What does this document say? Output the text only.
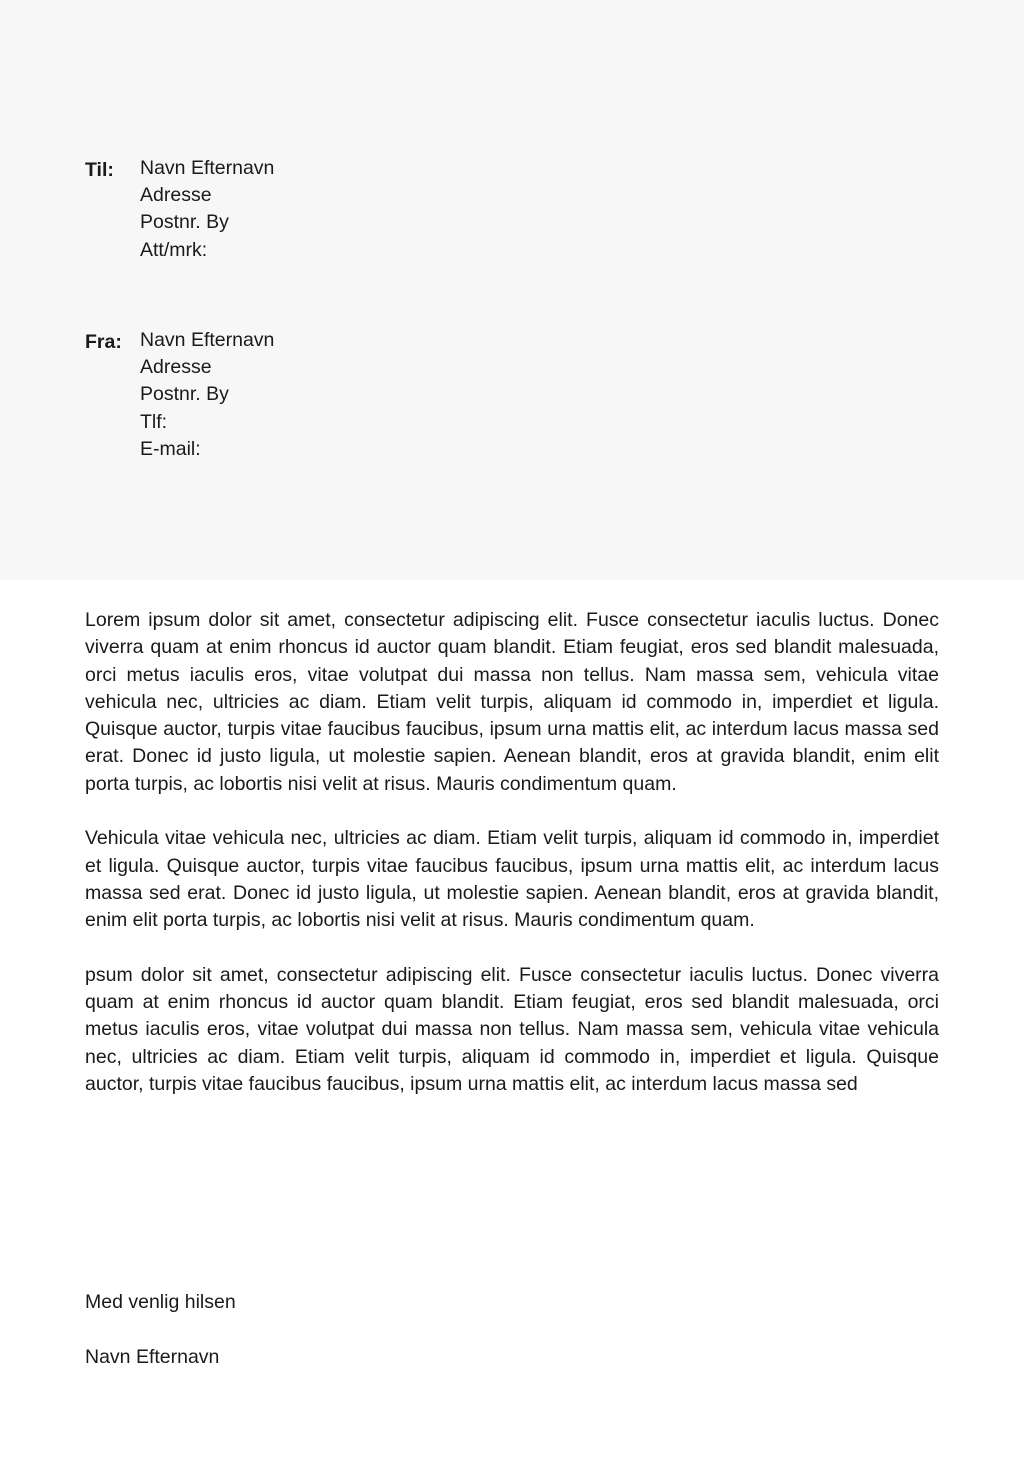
Til:	Navn Efternavn
Adresse
Postnr. By
Att/mrk:
Fra: Navn Efternavn
Adresse
Postnr. By
Tlf:
E-mail:

Lorem ipsum dolor sit amet, consectetur adipiscing elit. Fusce consectetur iaculis luctus. Donec viverra quam at enim rhoncus id auctor quam blandit. Etiam feugiat, eros sed blandit malesuada, orci metus iaculis eros, vitae volutpat dui massa non tellus. Nam massa sem, vehicula vitae vehicula nec, ultricies ac diam. Etiam velit turpis, aliquam id commodo in, imperdiet et ligula. Quisque auctor, turpis vitae faucibus faucibus, ipsum urna mattis elit, ac interdum lacus massa sed erat. Donec id justo ligula, ut molestie sapien. Aenean blandit, eros at gravida blandit, enim elit porta turpis, ac lobortis nisi velit at risus. Mauris condimentum quam.

Vehicula vitae vehicula nec, ultricies ac diam. Etiam velit turpis, aliquam id commodo in, imperdiet et ligula. Quisque auctor, turpis vitae faucibus faucibus, ipsum urna mattis elit, ac interdum lacus massa sed erat. Donec id justo ligula, ut molestie sapien. Aenean blandit, eros at gravida blandit, enim elit porta turpis, ac lobortis nisi velit at risus. Mauris condimentum quam.

psum dolor sit amet, consectetur adipiscing elit. Fusce consectetur iaculis luctus. Donec viverra quam at enim rhoncus id auctor quam blandit. Etiam feugiat, eros sed blandit malesuada, orci metus iaculis eros, vitae volutpat dui massa non tellus. Nam massa sem, vehicula vitae vehicula nec, ultricies ac diam. Etiam velit turpis, aliquam id commodo in, imperdiet et ligula. Quisque auctor, turpis vitae faucibus faucibus, ipsum urna mattis elit, ac interdum lacus massa sed

Med venlig hilsen
Navn Efternavn
